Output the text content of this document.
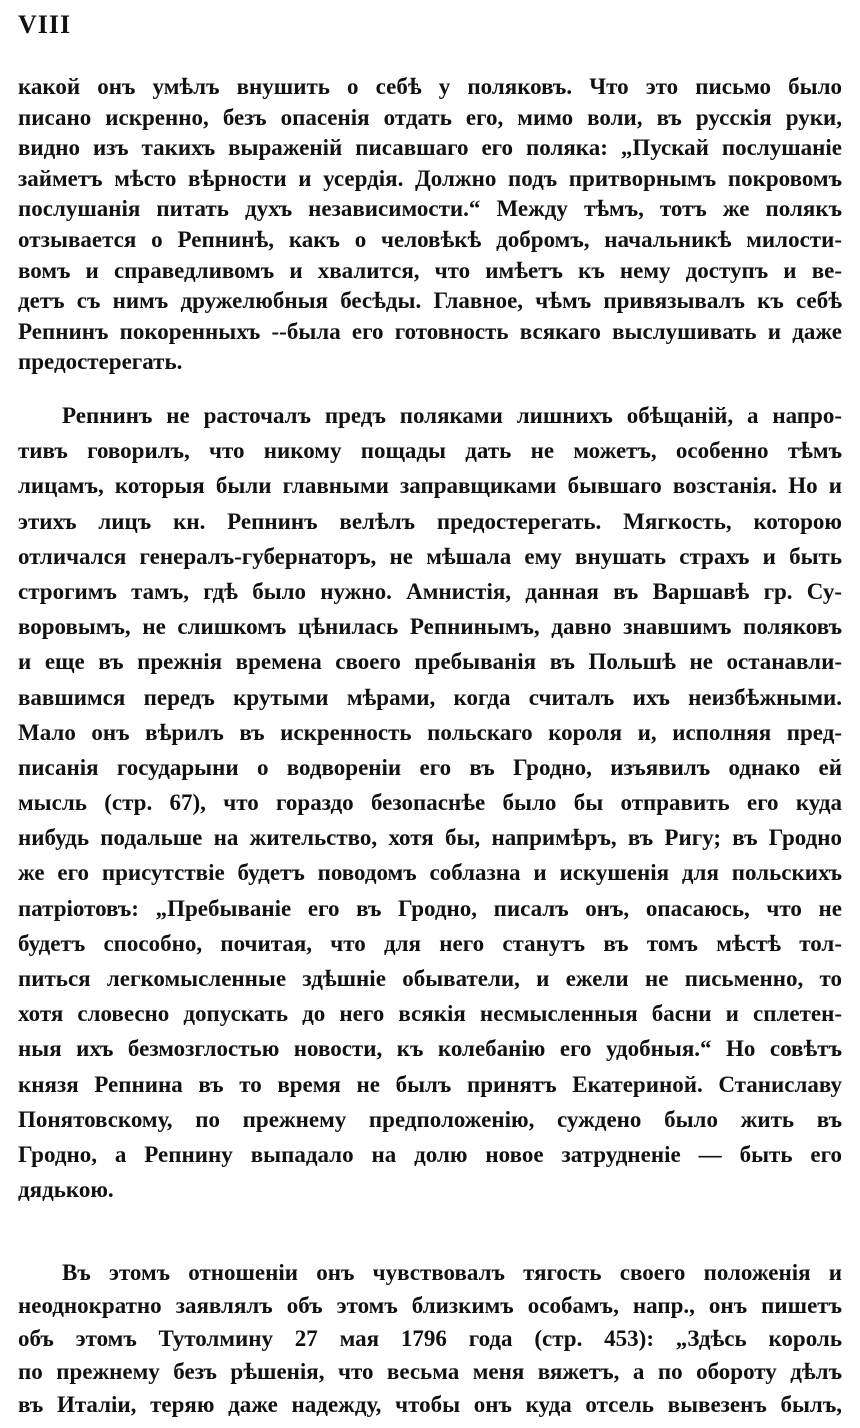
VIII
какой онъ умѣлъ внушить о себѣ у поляковъ. Что это письмо было
писано искренно, безъ опасенія отдать его, мимо воли, въ русскія руки,
видно изъ такихъ выраженій писавшаго его поляка: „Пускай послушаніе
займетъ мѣсто вѣрности и усердія. Должно подъ притворнымъ покровомъ
послушанія питать духъ независимости.“ Между тѣмъ, тотъ же полякъ
отзывается о Репнинѣ, какъ о человѣкѣ добромъ, начальникѣ милости-
вомъ и справедливомъ и хвалится, что имѣетъ къ нему доступъ и ве-
детъ съ нимъ дружелюбныя бесѣды. Главное, чѣмъ привязывалъ къ себѣ
Репнинъ покоренныхъ --была его готовность всякаго выслушивать и даже
предостерегать.
Репнинъ не расточалъ предъ поляками лишнихъ обѣщаній, а напро-
тивъ говорилъ, что никому пощады дать не можетъ, особенно тѣмъ
лицамъ, которыя были главными заправщиками бывшаго возстанія. Но и
этихъ лицъ кн. Репнинъ велѣлъ предостерегать. Мягкость, которою
отличался генералъ-губернаторъ, не мѣшала ему внушать страхъ и быть
строгимъ тамъ, гдѣ было нужно. Амнистія, данная въ Варшавѣ гр. Су-
воровымъ, не слишкомъ цѣнилась Репнинымъ, давно знавшимъ поляковъ
и еще въ прежнія времена своего пребыванія въ Польшѣ не останавли-
вавшимся передъ крутыми мѣрами, когда считалъ ихъ неизбѣжными.
Мало онъ вѣрилъ въ искренность польскаго короля и, исполняя пред-
писанія государыни о водвореніи его въ Гродно, изъявилъ однако ей
мысль (стр. 67), что гораздо безопаснѣе было бы отправить его куда
нибудь подальше на жительство, хотя бы, напримѣръ, въ Ригу; въ Гродно
же его присутствіе будетъ поводомъ соблазна и искушенія для польскихъ
патріотовъ: „Пребываніе его въ Гродно, писалъ онъ, опасаюсь, что не
будетъ способно, почитая, что для него станутъ въ томъ мѣстѣ тол-
питься легкомысленные здѣшніе обыватели, и ежели не письменно, то
хотя словесно допускать до него всякія несмысленныя басни и сплетен-
ныя ихъ безмозглостью новости, къ колебанію его удобныя.“ Но совѣтъ
князя Репнина въ то время не былъ принятъ Екатериной. Станиславу
Понятовскому, по прежнему предположенію, суждено было жить въ
Гродно, а Репнину выпадало на долю новое затрудненіе — быть его
дядькою.
Въ этомъ отношеніи онъ чувствовалъ тягость своего положенія и
неоднократно заявлялъ объ этомъ близкимъ особамъ, напр., онъ пишетъ
объ этомъ Тутолмину 27 мая 1796 года (стр. 453): „Здѣсь король
по прежнему безъ рѣшенія, что весьма меня вяжетъ, а по обороту дѣлъ
въ Италіи, теряю даже надежду, чтобы онъ куда отсель вывезенъ былъ,
